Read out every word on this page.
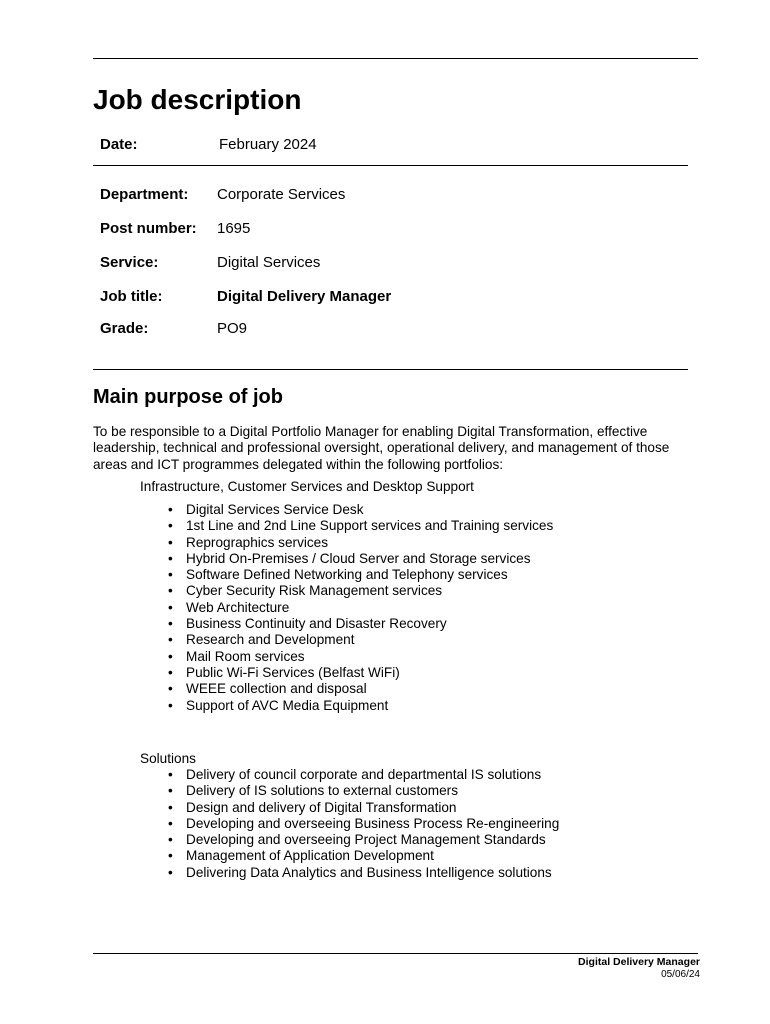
Job description
Date:	February 2024
Department: Corporate Services
Post number: 1695
Service:	Digital Services
Job title:	Digital Delivery Manager
Grade:	PO9
Main purpose of job

To be responsible to a Digital Portfolio Manager for enabling Digital Transformation, effective leadership, technical and professional oversight, operational delivery, and management of those areas and ICT programmes delegated within the following portfolios:

Infrastructure, Customer Services and Desktop Support
• Digital Services Service Desk
• 1st Line and 2nd Line Support services and Training services
• Reprographics services
• Hybrid On-Premises / Cloud Server and Storage services
• Software Defined Networking and Telephony services
• Cyber Security Risk Management services
• Web Architecture
• Business Continuity and Disaster Recovery
• Research and Development
• Mail Room services
• Public Wi-Fi Services (Belfast WiFi)
• WEEE collection and disposal
• Support of AVC Media Equipment
Solutions
• Delivery of council corporate and departmental IS solutions
• Delivery of IS solutions to external customers
• Design and delivery of Digital Transformation
• Developing and overseeing Business Process Re-engineering
• Developing and overseeing Project Management Standards
• Management of Application Development
• Delivering Data Analytics and Business Intelligence solutions
Digital Delivery Manager
05/06/24
